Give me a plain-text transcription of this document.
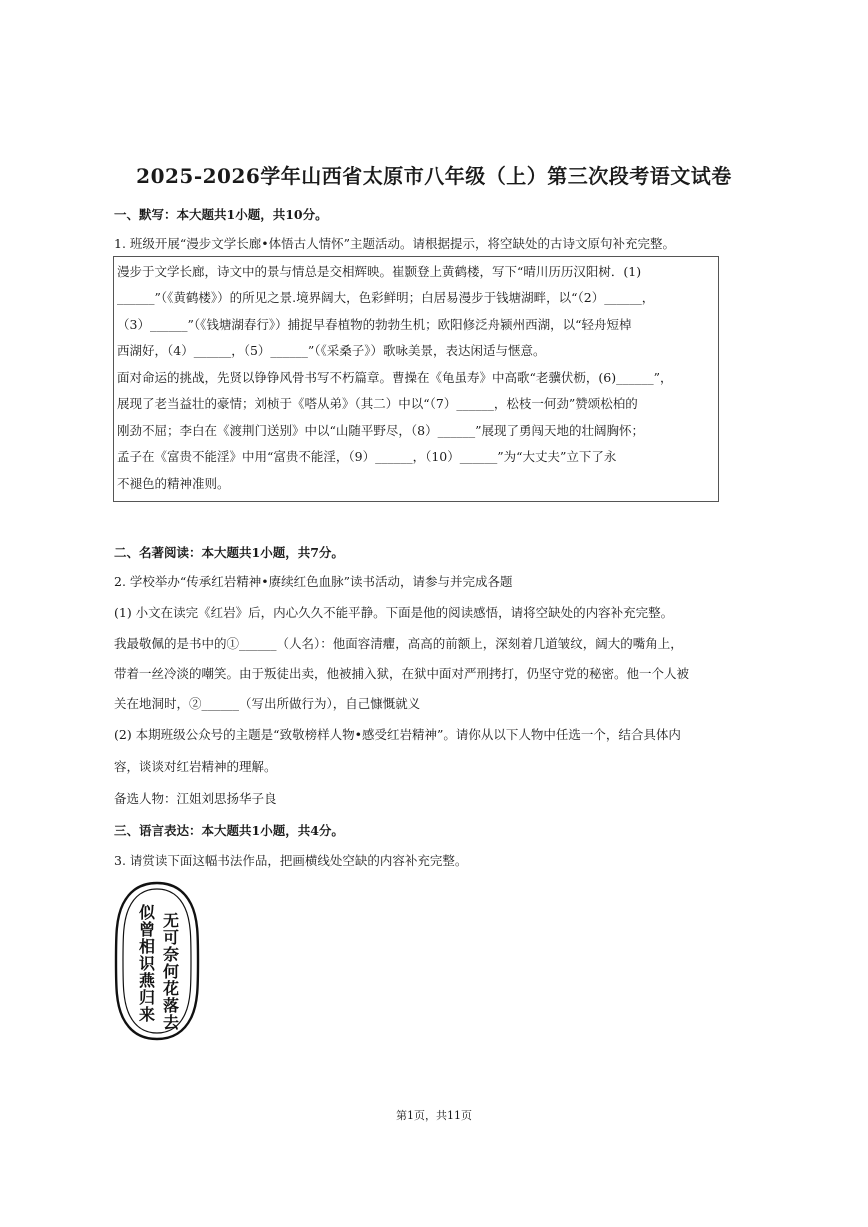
2025-2026学年山西省太原市八年级（上）第三次段考语文试卷
一、默写：本大题共1小题，共10分。
1. 班级开展“漫步文学长廊•体悟古人情怀”主题活动。请根据提示，将空缺处的古诗文原句补充完整。
漫步于文学长廊，诗文中的景与情总是交相辉映。崔颢登上黄鹤楼，写下“晴川历历汉阳树．(1)
______”（《黄鹤楼》）的所见之景.境界阔大，色彩鲜明；白居易漫步于钱塘湖畔，以“（2）______，
（3）______”（《钱塘湖春行》）捕捉早春植物的勃勃生机；欧阳修泛舟颍州西湖，以“轻舟短棹
西湖好，（4）______，（5）______”（《采桑子》）歌咏美景，表达闲适与惬意。
面对命运的挑战，先贤以铮铮风骨书写不朽篇章。曹操在《龟虽寿》中高歌“老骥伏枥，(6)______”，
展现了老当益壮的豪情；刘桢于《嗒从弟》（其二）中以“（7）______，松枝一何劲”赞颂松柏的
刚劲不屈；李白在《渡荆门送别》中以“山随平野尽，（8）______”展现了勇闯天地的壮阔胸怀；
孟子在《富贵不能淫》中用“富贵不能淫，（9）______，（10）______”为“大丈夫”立下了永
不褪色的精神准则。
二、名著阅读：本大题共1小题，共7分。
2. 学校举办“传承红岩精神•赓续红色血脉”读书活动，请参与并完成各题
(1) 小文在读完《红岩》后，内心久久不能平静。下面是他的阅读感悟，请将空缺处的内容补充完整。
我最敬佩的是书中的①______（人名）：他面容清癯，高高的前额上，深刻着几道皱纹，阔大的嘴角上，
带着一丝冷淡的嘲笑。由于叛徒出卖，他被捕入狱，在狱中面对严刑拷打，仍坚守党的秘密。他一个人被
关在地洞时，②______（写出所做行为），自己慷慨就义
(2) 本期班级公众号的主题是“致敬榜样人物•感受红岩精神”。请你从以下人物中任选一个，结合具体内
容，谈谈对红岩精神的理解。
备选人物：江姐刘思扬华子良
三、语言表达：本大题共1小题，共4分。
3. 请赏读下面这幅书法作品，把画横线处空缺的内容补充完整。
无可奈何花落去
似曾相识燕归来
第1页，共11页
